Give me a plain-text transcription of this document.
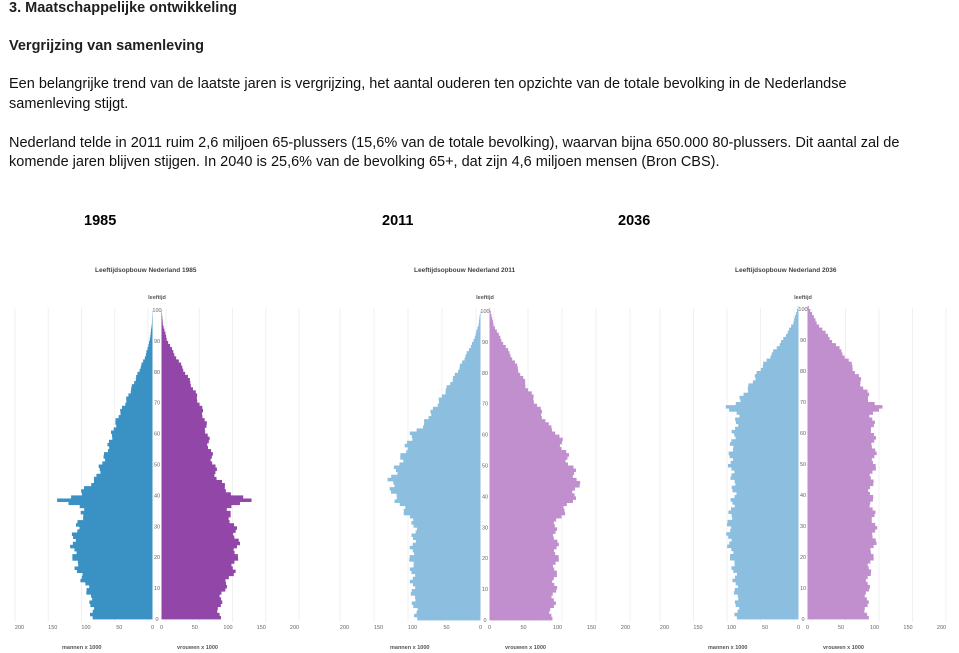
3. Maatschappelijke ontwikkeling
Vergrijzing van samenleving
Een belangrijke trend van de laatste jaren is vergrijzing, het aantal ouderen ten opzichte van de totale bevolking in de Nederlandse
samenleving stijgt.
Nederland telde in 2011 ruim 2,6 miljoen 65-plussers (15,6% van de totale bevolking), waarvan bijna 650.000 80-plussers. Dit aantal zal de
komende jaren blijven stijgen. In 2040 is 25,6% van de bevolking 65+, dat zijn 4,6 miljoen mensen (Bron CBS).
1985	2011	2036
Leeftijdsopbouw Nederland 1985
leeftijd
0
10
20
30
40
50
60
70
80
90
100
200	150	100	50	0 0	50	100	150	200
mannen x 1000	vrouwen x 1000
Leeftijdsopbouw Nederland 2011
leeftijd
0
10
20
30
40
50
60
70
80
90
100
200	150	100	50	0 0	50	100	150	200
mannen x 1000	vrouwen x 1000
Leeftijdsopbouw Nederland 2036
leeftijd
0
10
20
30
40
50
60
70
80
90
100
200	150	100	50	0 0	50	100	150	200
mannen x 1000	vrouwen x 1000
